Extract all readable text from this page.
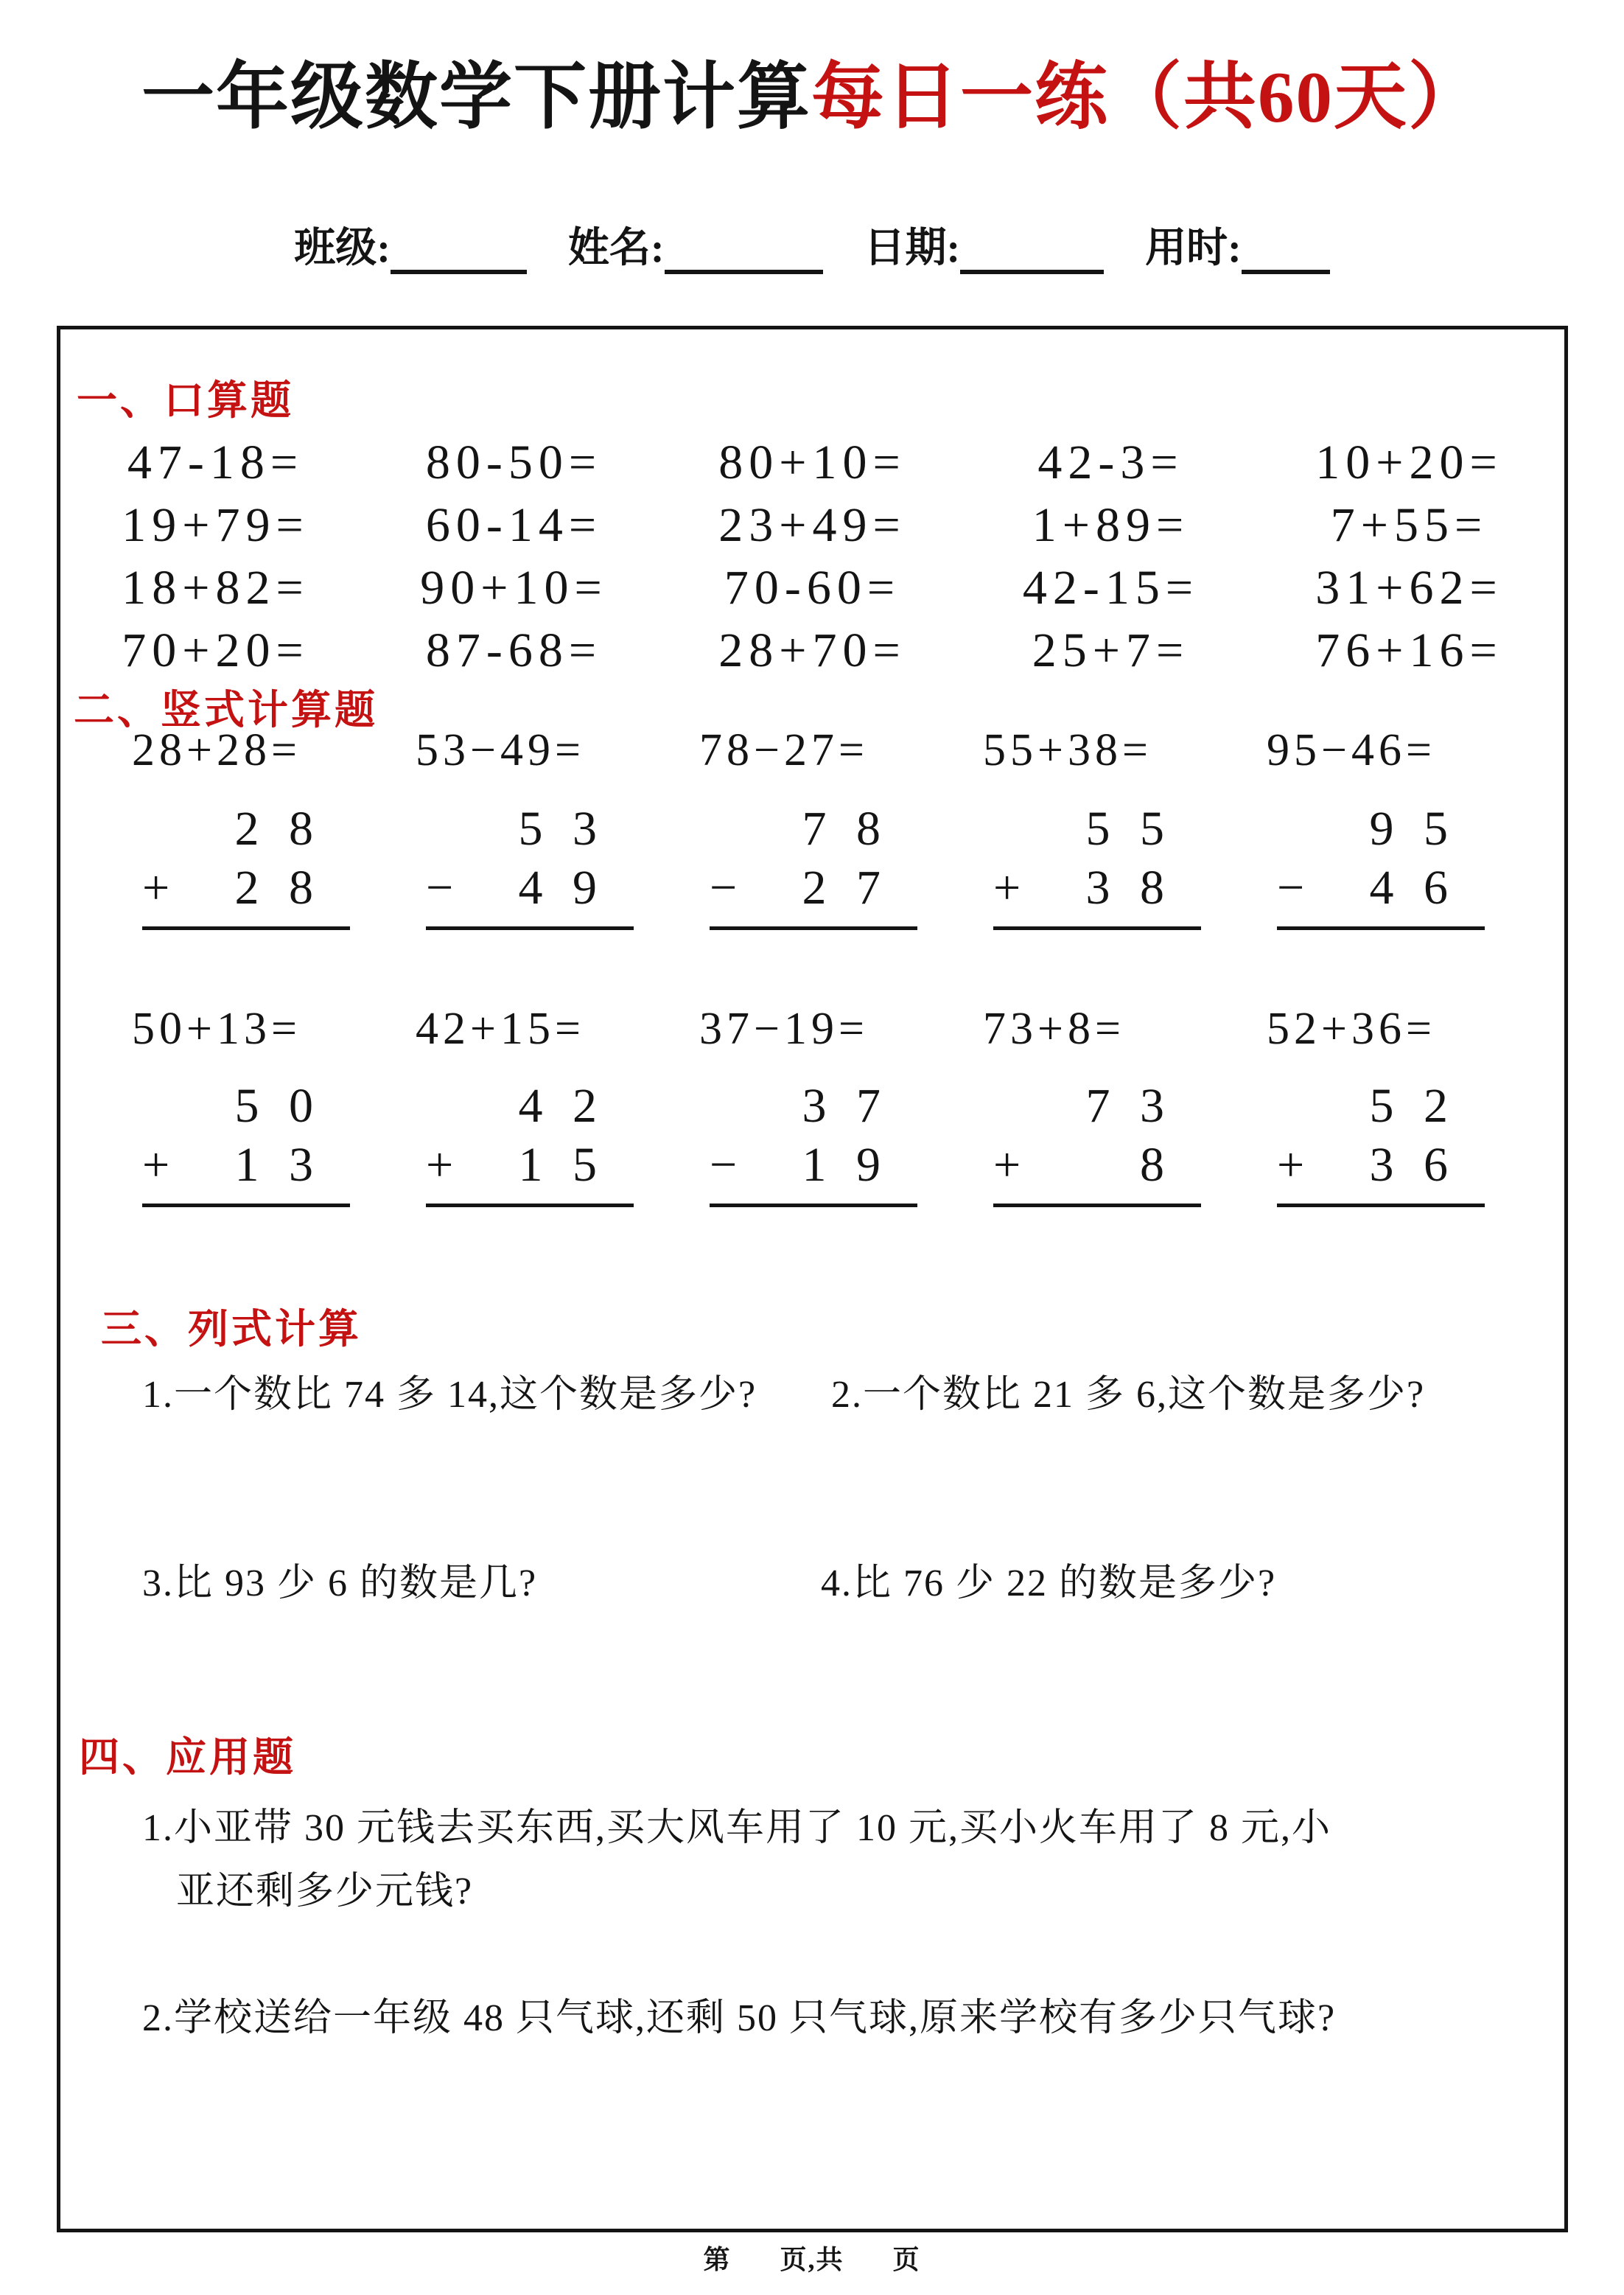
一年级数学下册计算每日一练（共60天）
班级:	姓名:	日期:	用时:
一、口算题
47-18=	80-50=	80+10=	42-3=	10+20=
19+79=	60-14=	23+49=	1+89=	7+55=
18+82=	90+10=	70-60=	42-15=	31+62=
70+20=	87-68=	28+70=	25+7=	76+16=
二、竖式计算题
28+28=	53−49=	78−27=	55+38=	95−46=
2 8
+ 2 8
5 3
− 4 9
7 8
− 2 7
5 5
+ 3 8
9 5
− 4 6
50+13=	42+15=	37−19=	73+8=	52+36=
5 0
+ 1 3
4 2
+ 1 5
3 7
− 1 9
7 3
+ 8
5 2
+ 3 6
三、列式计算
1.一个数比 74 多 14,这个数是多少? 2.一个数比 21 多 6,这个数是多少?
3.比 93 少 6 的数是几?	4.比 76 少 22 的数是多少?
四、应用题
1.小亚带 30 元钱去买东西,买大风车用了 10 元,买小火车用了 8 元,小
亚还剩多少元钱?
2.学校送给一年级 48 只气球,还剩 50 只气球,原来学校有多少只气球?
第      页,共      页
